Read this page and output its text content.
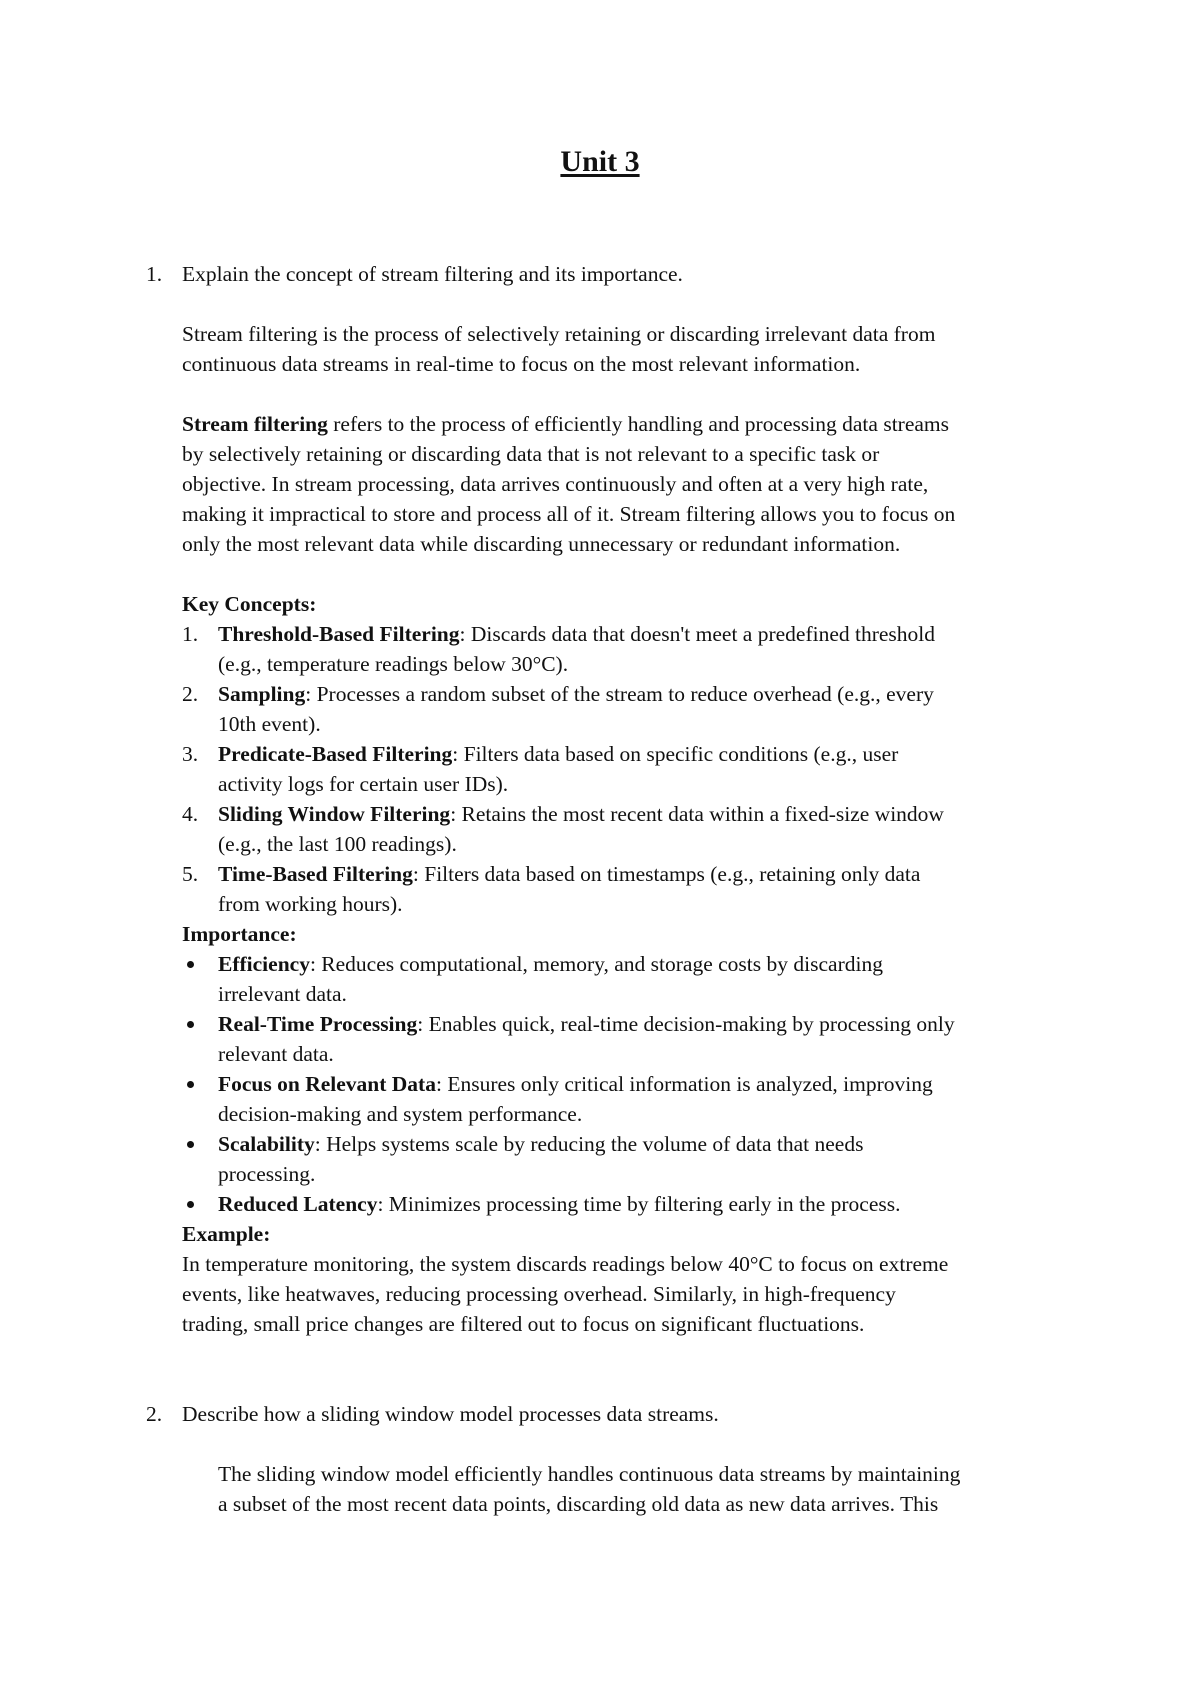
Unit 3
1. Explain the concept of stream filtering and its importance.
Stream filtering is the process of selectively retaining or discarding irrelevant data from
continuous data streams in real-time to focus on the most relevant information.
Stream filtering refers to the process of efficiently handling and processing data streams
by selectively retaining or discarding data that is not relevant to a specific task or
objective. In stream processing, data arrives continuously and often at a very high rate,
making it impractical to store and process all of it. Stream filtering allows you to focus on
only the most relevant data while discarding unnecessary or redundant information.
Key Concepts:
1. Threshold-Based Filtering: Discards data that doesn't meet a predefined threshold
(e.g., temperature readings below 30°C).
2. Sampling: Processes a random subset of the stream to reduce overhead (e.g., every
10th event).
3. Predicate-Based Filtering: Filters data based on specific conditions (e.g., user
activity logs for certain user IDs).
4. Sliding Window Filtering: Retains the most recent data within a fixed-size window
(e.g., the last 100 readings).
5. Time-Based Filtering: Filters data based on timestamps (e.g., retaining only data
from working hours).
Importance:
Efficiency: Reduces computational, memory, and storage costs by discarding
irrelevant data.
Real-Time Processing: Enables quick, real-time decision-making by processing only
relevant data.
Focus on Relevant Data: Ensures only critical information is analyzed, improving
decision-making and system performance.
Scalability: Helps systems scale by reducing the volume of data that needs
processing.
Reduced Latency: Minimizes processing time by filtering early in the process.
Example:
In temperature monitoring, the system discards readings below 40°C to focus on extreme
events, like heatwaves, reducing processing overhead. Similarly, in high-frequency
trading, small price changes are filtered out to focus on significant fluctuations.
2. Describe how a sliding window model processes data streams.
The sliding window model efficiently handles continuous data streams by maintaining
a subset of the most recent data points, discarding old data as new data arrives. This
